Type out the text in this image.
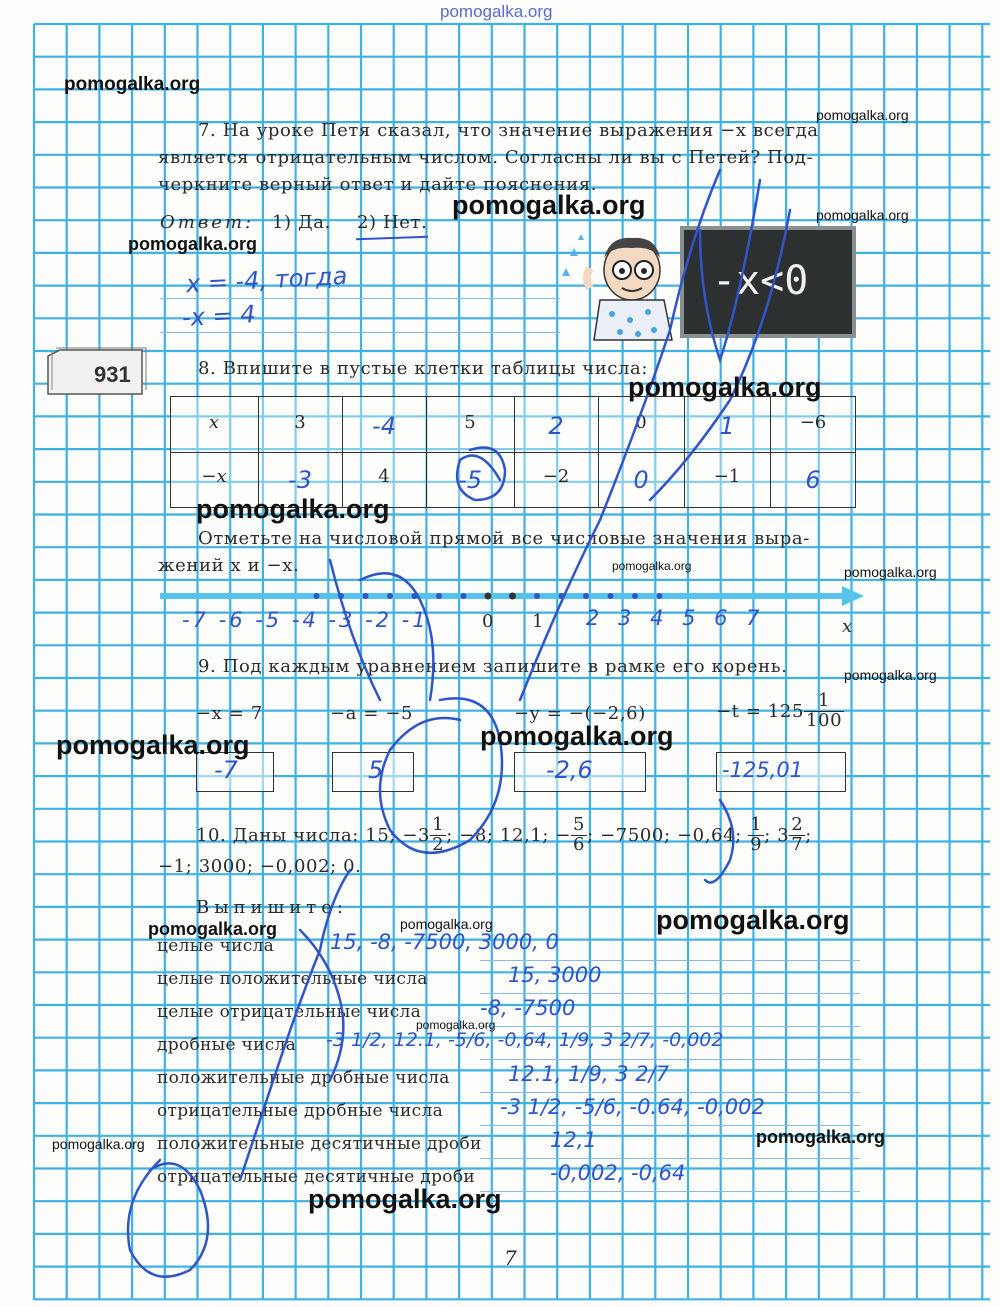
pomogalka.org
7. На уроке Петя сказал, что значение выражения −x всегда
является отрицательным числом. Согласны ли вы с Петей? Под-
черкните верный ответ и дайте пояснения.
Ответ: 1) Да. 2) Нет.
x = -4, тогда
-x = 4
-x<0
931	8. Впишите в пустые клетки таблицы числа:
x	3	-4	5	2	0	1	−6
−x	-3	4	-5	−2	0	−1	6
Отметьте на числовой прямой все числовые значения выра-
жений x и −x.
0 1	x
-7 -6 -5 -4 -3 -2 -1	2 3 4 5 6 7
9. Под каждым уравнением запишите в рамке его корень.
−x = 7	−a = −5	−y = −(−2,6)	$-t = 125 \frac{1}{100}$
-7	5	-2,6	-125,01
10. Даны числа: 15; $-3 \frac{1}{2}$ ; −8; 12,1; − $\frac{5}{6}$ ; −7500; −0,64; $\frac{1}{9}$ ; $3 \frac{2}{7}$ ;
−1; 3000; −0,002; 0.
Выпишите:
целые числа	15, -8, -7500, 3000, 0
целые положительные числа	15, 3000
целые отрицательные числа	-8, -7500
дробные числа -3 1/2, 12.1, -5/6, -0,64, 1/9, 3 2/7, -0,002
положительные дробные числа	12.1, 1/9, 3 2/7
отрицательные дробные числа	-3 1/2, -5/6, -0.64, -0,002
положительные десятичные дроби	12,1
отрицательные десятичные дроби	-0,002, -0,64
pomogalka.org
pomogalka.org
pomogalka.org	pomogalka.org
pomogalka.org
pomogalka.org
pomogalka.org
pomogalka.org	pomogalka.org
pomogalka.org
pomogalka.org
pomogalka.org
pomogalka.org
pomogalka.org	pomogalka.org
pomogalka.org
pomogalka.org
pomogalka.org
pomogalka.org
7
